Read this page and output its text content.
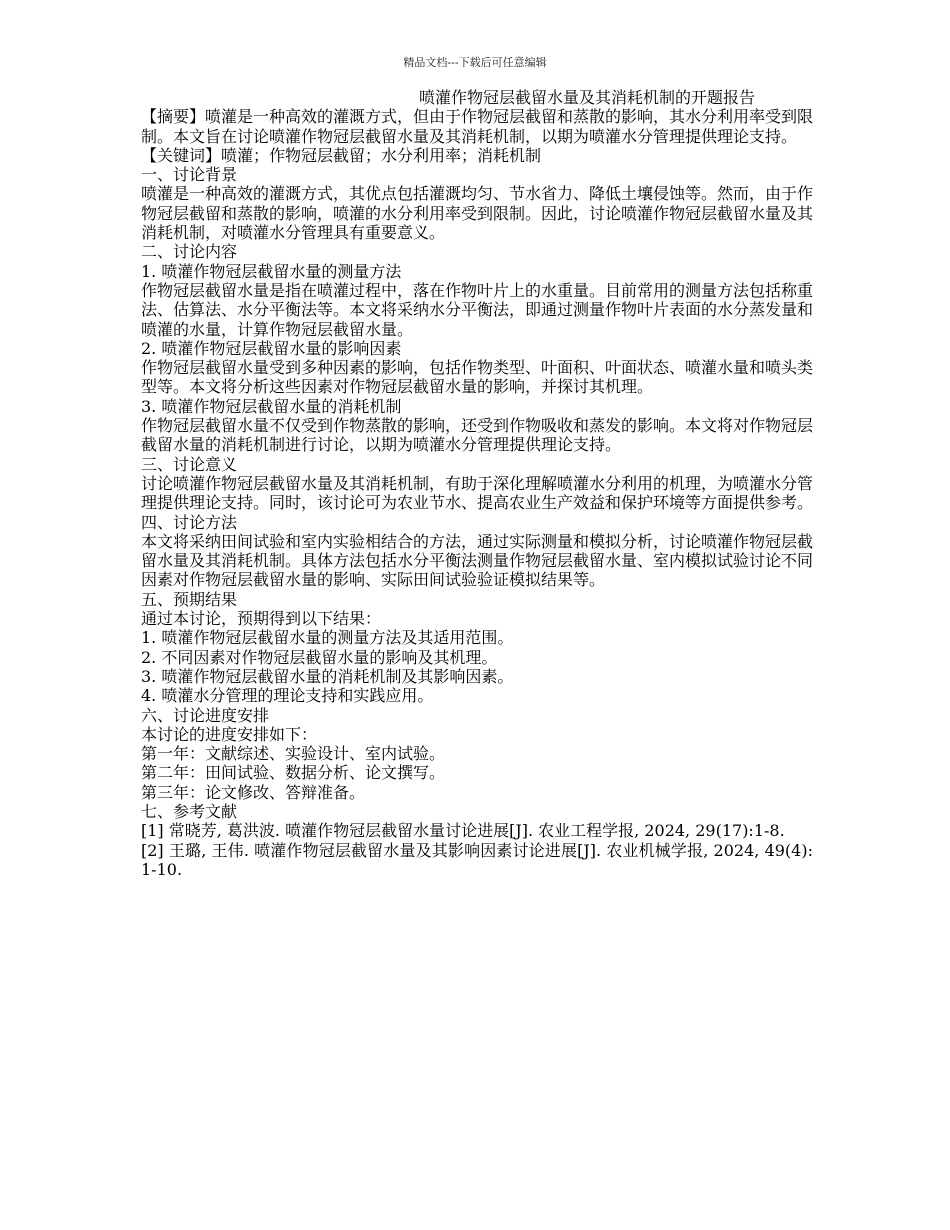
精品文档---下载后可任意编辑
喷灌作物冠层截留水量及其消耗机制的开题报告

【摘要】喷灌是一种高效的灌溉方式，但由于作物冠层截留和蒸散的影响，其水分利用率受到限制。本文旨在讨论喷灌作物冠层截留水量及其消耗机制，以期为喷灌水分管理提供理论支持。

【关键词】喷灌；作物冠层截留；水分利用率；消耗机制

一、讨论背景

喷灌是一种高效的灌溉方式，其优点包括灌溉均匀、节水省力、降低土壤侵蚀等。然而，由于作物冠层截留和蒸散的影响，喷灌的水分利用率受到限制。因此，讨论喷灌作物冠层截留水量及其消耗机制，对喷灌水分管理具有重要意义。

二、讨论内容

1. 喷灌作物冠层截留水量的测量方法

作物冠层截留水量是指在喷灌过程中，落在作物叶片上的水重量。目前常用的测量方法包括称重法、估算法、水分平衡法等。本文将采纳水分平衡法，即通过测量作物叶片表面的水分蒸发量和喷灌的水量，计算作物冠层截留水量。

2. 喷灌作物冠层截留水量的影响因素

作物冠层截留水量受到多种因素的影响，包括作物类型、叶面积、叶面状态、喷灌水量和喷头类型等。本文将分析这些因素对作物冠层截留水量的影响，并探讨其机理。

3. 喷灌作物冠层截留水量的消耗机制

作物冠层截留水量不仅受到作物蒸散的影响，还受到作物吸收和蒸发的影响。本文将对作物冠层截留水量的消耗机制进行讨论，以期为喷灌水分管理提供理论支持。

三、讨论意义

讨论喷灌作物冠层截留水量及其消耗机制，有助于深化理解喷灌水分利用的机理，为喷灌水分管理提供理论支持。同时，该讨论可为农业节水、提高农业生产效益和保护环境等方面提供参考。

四、讨论方法

本文将采纳田间试验和室内实验相结合的方法，通过实际测量和模拟分析，讨论喷灌作物冠层截留水量及其消耗机制。具体方法包括水分平衡法测量作物冠层截留水量、室内模拟试验讨论不同因素对作物冠层截留水量的影响、实际田间试验验证模拟结果等。

五、预期结果

通过本讨论，预期得到以下结果：

1. 喷灌作物冠层截留水量的测量方法及其适用范围。

2. 不同因素对作物冠层截留水量的影响及其机理。

3. 喷灌作物冠层截留水量的消耗机制及其影响因素。

4. 喷灌水分管理的理论支持和实践应用。

六、讨论进度安排

本讨论的进度安排如下：

第一年：文献综述、实验设计、室内试验。

第二年：田间试验、数据分析、论文撰写。

第三年：论文修改、答辩准备。

七、参考文献

[1] 常晓芳, 葛洪波. 喷灌作物冠层截留水量讨论进展[J]. 农业工程学报, 2024, 29(17):1-8.

[2] 王璐, 王伟. 喷灌作物冠层截留水量及其影响因素讨论进展[J]. 农业机械学报, 2024, 49(4):1-10.
